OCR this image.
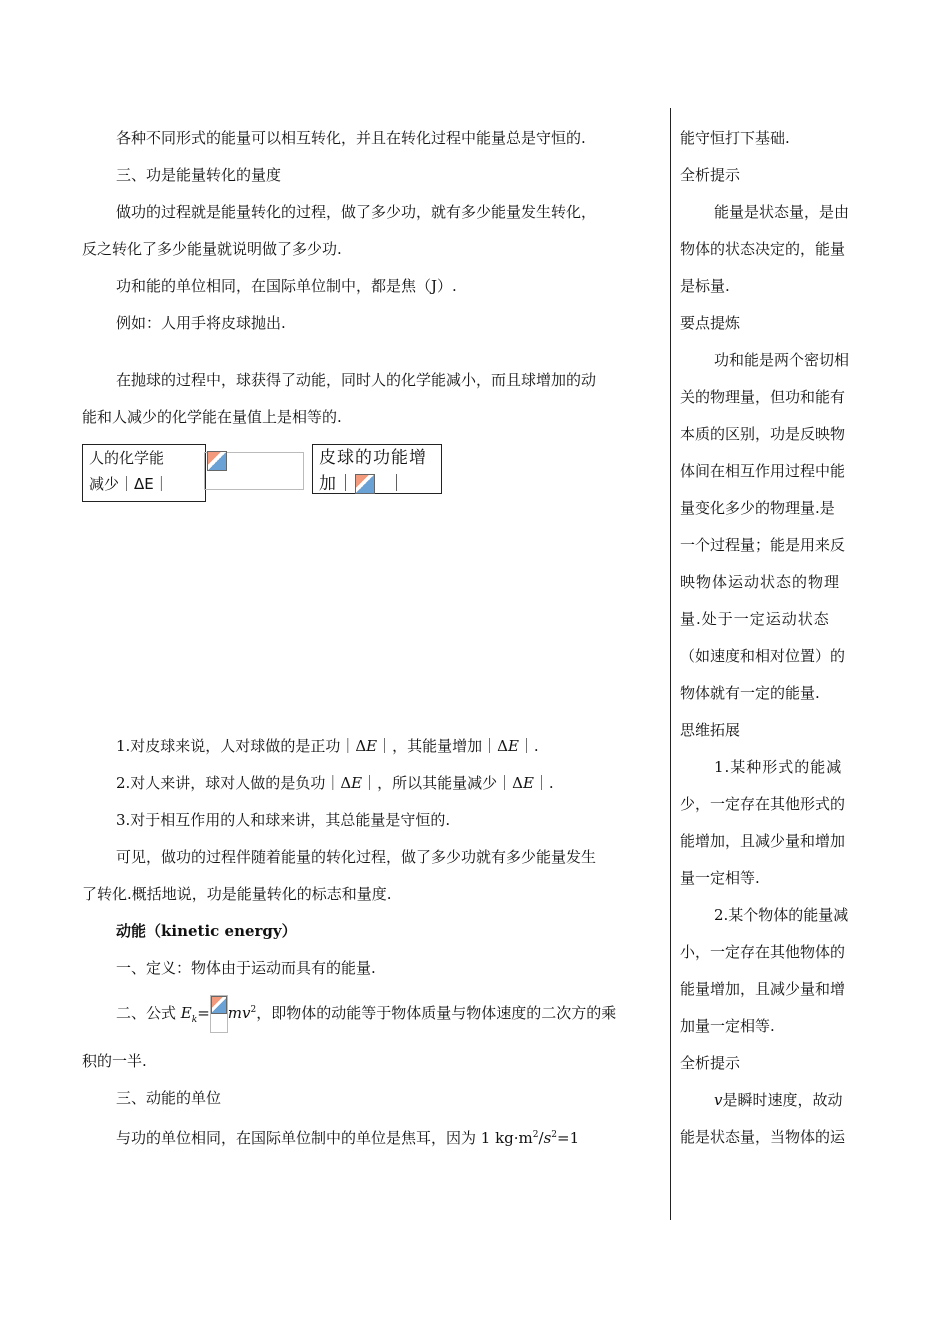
各种不同形式的能量可以相互转化，并且在转化过程中能量总是守恒的.

三、功是能量转化的量度

做功的过程就是能量转化的过程，做了多少功，就有多少能量发生转化，

反之转化了多少能量就说明做了多少功.

功和能的单位相同，在国际单位制中，都是焦（J）.

例如：人用手将皮球抛出.

在抛球的过程中，球获得了动能，同时人的化学能减小，而且球增加的动

能和人减少的化学能在量值上是相等的.

人的化学能
减少｜ΔE｜
皮球的功能增
加｜ ｜

1.对皮球来说，人对球做的是正功｜ΔE｜，其能量增加｜ΔE｜.

2.对人来讲，球对人做的是负功｜ΔE｜，所以其能量减少｜ΔE｜.

3.对于相互作用的人和球来讲，其总能量是守恒的.

可见，做功的过程伴随着能量的转化过程，做了多少功就有多少能量发生

了转化.概括地说，功是能量转化的标志和量度.

动能（kinetic energy）

一、定义：物体由于运动而具有的能量.

二、公式 $E_k= mv^2$，即物体的动能等于物体质量与物体速度的二次方的乘

积的一半.

三、动能的单位

与功的单位相同，在国际单位制中的单位是焦耳，因为 1 $kg\cdot m^2/s^2=1$

能守恒打下基础.

全析提示

能量是状态量，是由

物体的状态决定的，能量

是标量.

要点提炼

功和能是两个密切相

关的物理量，但功和能有

本质的区别，功是反映物

体间在相互作用过程中能

量变化多少的物理量.是

一个过程量；能是用来反

映物体运动状态的物理

量.处于一定运动状态

（如速度和相对位置）的

物体就有一定的能量.

思维拓展

1.某种形式的能减

少，一定存在其他形式的

能增加，且减少量和增加

量一定相等.

2.某个物体的能量减

小，一定存在其他物体的

能量增加，且减少量和增

加量一定相等.

全析提示

v是瞬时速度，故动

能是状态量，当物体的运
